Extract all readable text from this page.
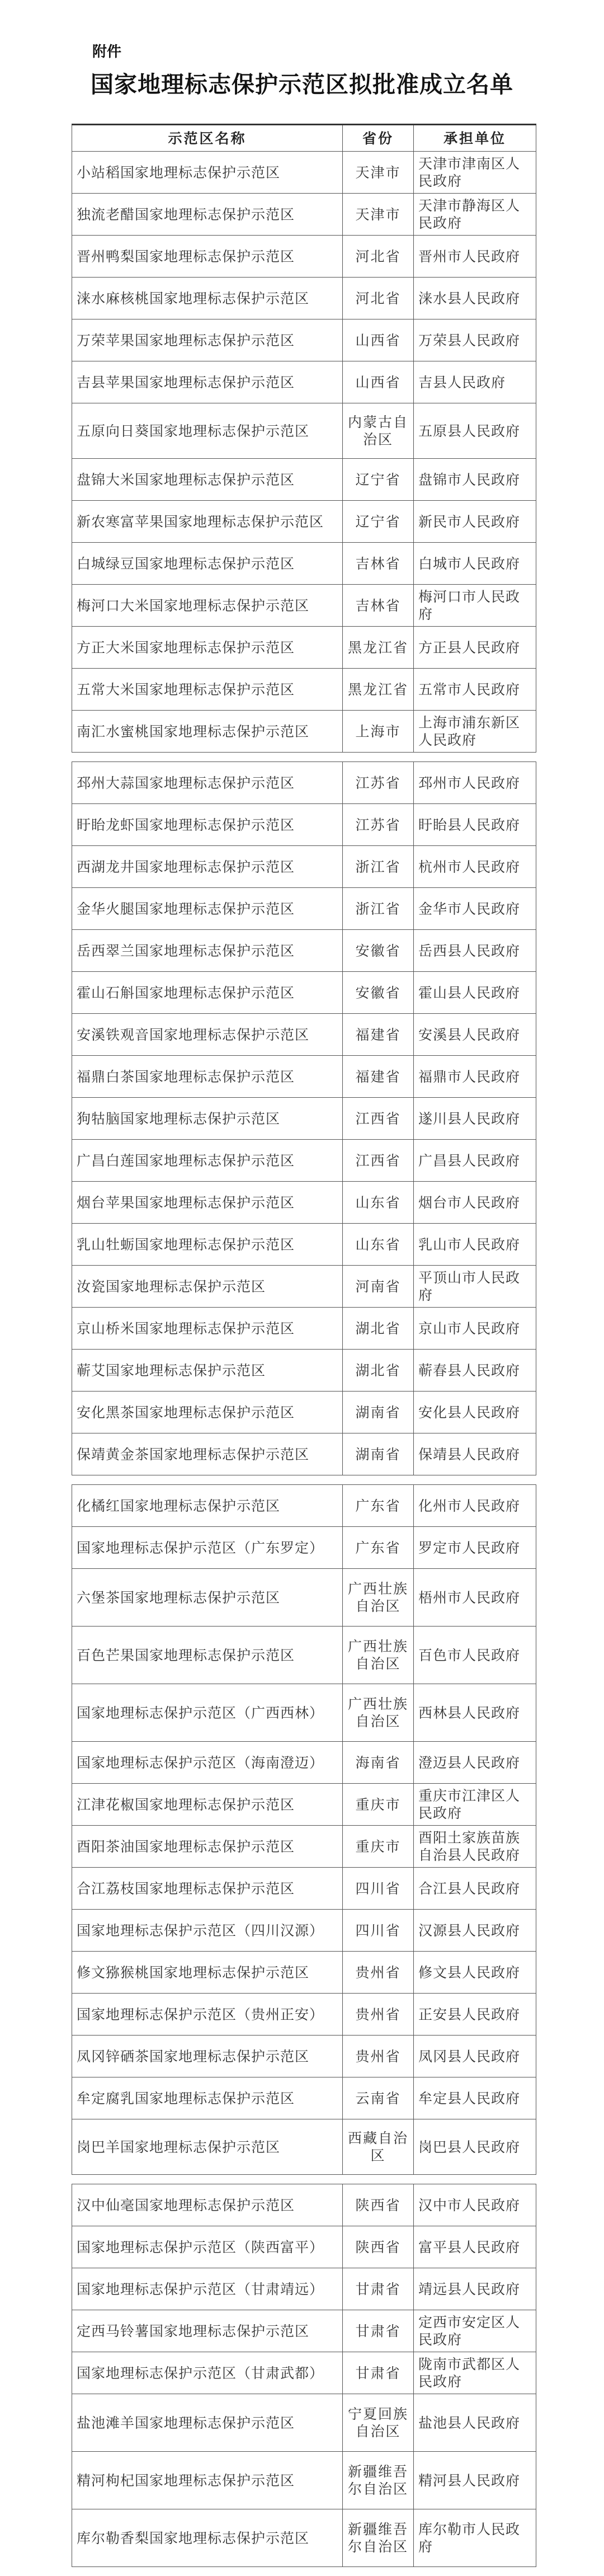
附件
国家地理标志保护示范区拟批准成立名单
示范区名称	省份	承担单位
小站稻国家地理标志保护示范区	天津市	天津市津南区人民政府
独流老醋国家地理标志保护示范区	天津市	天津市静海区人民政府
晋州鸭梨国家地理标志保护示范区	河北省	晋州市人民政府
涞水麻核桃国家地理标志保护示范区	河北省	涞水县人民政府
万荣苹果国家地理标志保护示范区	山西省	万荣县人民政府
吉县苹果国家地理标志保护示范区	山西省	吉县人民政府
五原向日葵国家地理标志保护示范区	内蒙古自治区	五原县人民政府
盘锦大米国家地理标志保护示范区	辽宁省	盘锦市人民政府
新农寒富苹果国家地理标志保护示范区	辽宁省	新民市人民政府
白城绿豆国家地理标志保护示范区	吉林省	白城市人民政府
梅河口大米国家地理标志保护示范区	吉林省	梅河口市人民政府
方正大米国家地理标志保护示范区	黑龙江省	方正县人民政府
五常大米国家地理标志保护示范区	黑龙江省	五常市人民政府
南汇水蜜桃国家地理标志保护示范区	上海市	上海市浦东新区人民政府

邳州大蒜国家地理标志保护示范区	江苏省	邳州市人民政府
盱眙龙虾国家地理标志保护示范区	江苏省	盱眙县人民政府
西湖龙井国家地理标志保护示范区	浙江省	杭州市人民政府
金华火腿国家地理标志保护示范区	浙江省	金华市人民政府
岳西翠兰国家地理标志保护示范区	安徽省	岳西县人民政府
霍山石斛国家地理标志保护示范区	安徽省	霍山县人民政府
安溪铁观音国家地理标志保护示范区	福建省	安溪县人民政府
福鼎白茶国家地理标志保护示范区	福建省	福鼎市人民政府
狗牯脑国家地理标志保护示范区	江西省	遂川县人民政府
广昌白莲国家地理标志保护示范区	江西省	广昌县人民政府
烟台苹果国家地理标志保护示范区	山东省	烟台市人民政府
乳山牡蛎国家地理标志保护示范区	山东省	乳山市人民政府
汝瓷国家地理标志保护示范区	河南省	平顶山市人民政府
京山桥米国家地理标志保护示范区	湖北省	京山市人民政府
蕲艾国家地理标志保护示范区	湖北省	蕲春县人民政府
安化黑茶国家地理标志保护示范区	湖南省	安化县人民政府
保靖黄金茶国家地理标志保护示范区	湖南省	保靖县人民政府

化橘红国家地理标志保护示范区	广东省	化州市人民政府
国家地理标志保护示范区（广东罗定）	广东省	罗定市人民政府
六堡茶国家地理标志保护示范区	广西壮族自治区	梧州市人民政府
百色芒果国家地理标志保护示范区	广西壮族自治区	百色市人民政府
国家地理标志保护示范区（广西西林）	广西壮族自治区	西林县人民政府
国家地理标志保护示范区（海南澄迈）	海南省	澄迈县人民政府
江津花椒国家地理标志保护示范区	重庆市	重庆市江津区人民政府
酉阳茶油国家地理标志保护示范区	重庆市	酉阳土家族苗族自治县人民政府
合江荔枝国家地理标志保护示范区	四川省	合江县人民政府
国家地理标志保护示范区（四川汉源）	四川省	汉源县人民政府
修文猕猴桃国家地理标志保护示范区	贵州省	修文县人民政府
国家地理标志保护示范区（贵州正安）	贵州省	正安县人民政府
凤冈锌硒茶国家地理标志保护示范区	贵州省	凤冈县人民政府
牟定腐乳国家地理标志保护示范区	云南省	牟定县人民政府
岗巴羊国家地理标志保护示范区	西藏自治区	岗巴县人民政府

汉中仙毫国家地理标志保护示范区	陕西省	汉中市人民政府
国家地理标志保护示范区（陕西富平）	陕西省	富平县人民政府
国家地理标志保护示范区（甘肃靖远）	甘肃省	靖远县人民政府
定西马铃薯国家地理标志保护示范区	甘肃省	定西市安定区人民政府
国家地理标志保护示范区（甘肃武都）	甘肃省	陇南市武都区人民政府
盐池滩羊国家地理标志保护示范区	宁夏回族自治区	盐池县人民政府
精河枸杞国家地理标志保护示范区	新疆维吾尔自治区	精河县人民政府
库尔勒香梨国家地理标志保护示范区	新疆维吾尔自治区	库尔勒市人民政府
